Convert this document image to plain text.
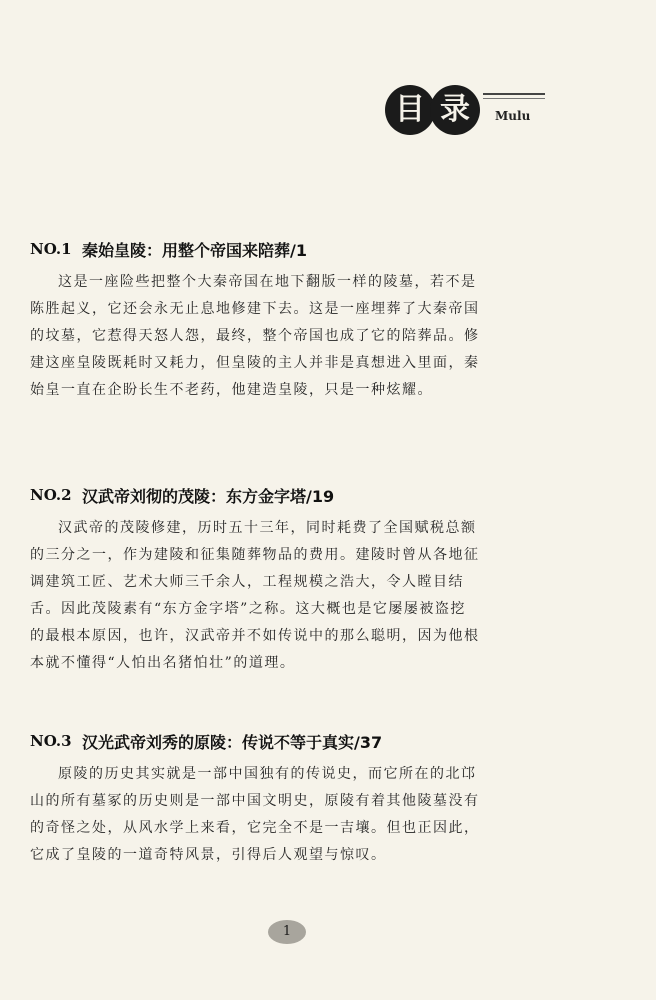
目 录	Mulu
NO.1 秦始皇陵：用整个帝国来陪葬/1
这是一座险些把整个大秦帝国在地下翻版一样的陵墓，若不是陈胜起义，它还会永无止息地修建下去。这是一座埋葬了大秦帝国的坟墓，它惹得天怒人怨，最终，整个帝国也成了它的陪葬品。修建这座皇陵既耗时又耗力，但皇陵的主人并非是真想进入里面，秦始皇一直在企盼长生不老药，他建造皇陵，只是一种炫耀。
NO.2 汉武帝刘彻的茂陵：东方金字塔/19
汉武帝的茂陵修建，历时五十三年，同时耗费了全国赋税总额的三分之一，作为建陵和征集随葬物品的费用。建陵时曾从各地征调建筑工匠、艺术大师三千余人，工程规模之浩大，令人瞠目结舌。因此茂陵素有“东方金字塔”之称。这大概也是它屡屡被盗挖的最根本原因，也许，汉武帝并不如传说中的那么聪明，因为他根本就不懂得“人怕出名猪怕壮”的道理。
NO.3 汉光武帝刘秀的原陵：传说不等于真实/37
原陵的历史其实就是一部中国独有的传说史，而它所在的北邙山的所有墓冢的历史则是一部中国文明史，原陵有着其他陵墓没有的奇怪之处，从风水学上来看，它完全不是一吉壤。但也正因此，它成了皇陵的一道奇特风景，引得后人观望与惊叹。
1
